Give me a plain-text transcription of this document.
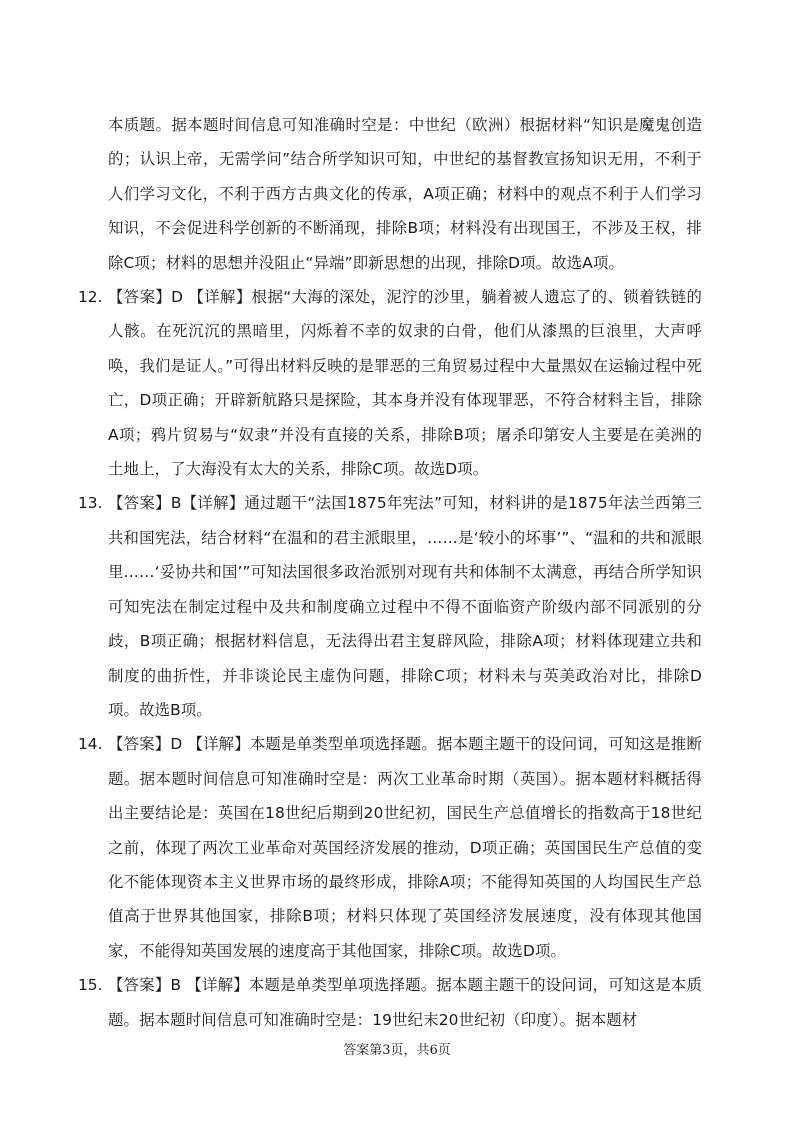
本质题。据本题时间信息可知准确时空是：中世纪（欧洲）根据材料“知识是魔鬼创造的；认识上帝，无需学问”结合所学知识可知，中世纪的基督教宣扬知识无用，不利于人们学习文化，不利于西方古典文化的传承，A项正确；材料中的观点不利于人们学习知识，不会促进科学创新的不断涌现，排除B项；材料没有出现国王，不涉及王权，排除C项；材料的思想并没阻止“异端”即新思想的出现，排除D项。故选A项。

12. 【答案】D 【详解】根据“大海的深处，泥泞的沙里，躺着被人遗忘了的、锁着铁链的人骸。在死沉沉的黑暗里，闪烁着不幸的奴隶的白骨，他们从漆黑的巨浪里，大声呼唤，我们是证人。”可得出材料反映的是罪恶的三角贸易过程中大量黑奴在运输过程中死亡，D项正确；开辟新航路只是探险，其本身并没有体现罪恶，不符合材料主旨，排除A项；鸦片贸易与“奴隶”并没有直接的关系，排除B项；屠杀印第安人主要是在美洲的土地上，了大海没有太大的关系，排除C项。故选D项。

13. 【答案】B【详解】通过题干“法国1875年宪法”可知，材料讲的是1875年法兰西第三共和国宪法，结合材料“在温和的君主派眼里，……是‘较小的坏事’”、“温和的共和派眼里……‘妥协共和国’”可知法国很多政治派别对现有共和体制不太满意，再结合所学知识可知宪法在制定过程中及共和制度确立过程中不得不面临资产阶级内部不同派别的分歧，B项正确；根据材料信息，无法得出君主复辟风险，排除A项；材料体现建立共和制度的曲折性，并非谈论民主虚伪问题，排除C项；材料未与英美政治对比，排除D项。故选B项。

14. 【答案】D 【详解】本题是单类型单项选择题。据本题主题干的设问词，可知这是推断题。据本题时间信息可知准确时空是：两次工业革命时期（英国）。据本题材料概括得出主要结论是：英国在18世纪后期到20世纪初，国民生产总值增长的指数高于18世纪之前，体现了两次工业革命对英国经济发展的推动，D项正确；英国国民生产总值的变化不能体现资本主义世界市场的最终形成，排除A项；不能得知英国的人均国民生产总值高于世界其他国家，排除B项；材料只体现了英国经济发展速度，没有体现其他国家，不能得知英国发展的速度高于其他国家，排除C项。故选D项。

15. 【答案】B 【详解】本题是单类型单项选择题。据本题主题干的设问词，可知这是本质题。据本题时间信息可知准确时空是：19世纪末20世纪初（印度）。据本题材

答案第3页，共6页
